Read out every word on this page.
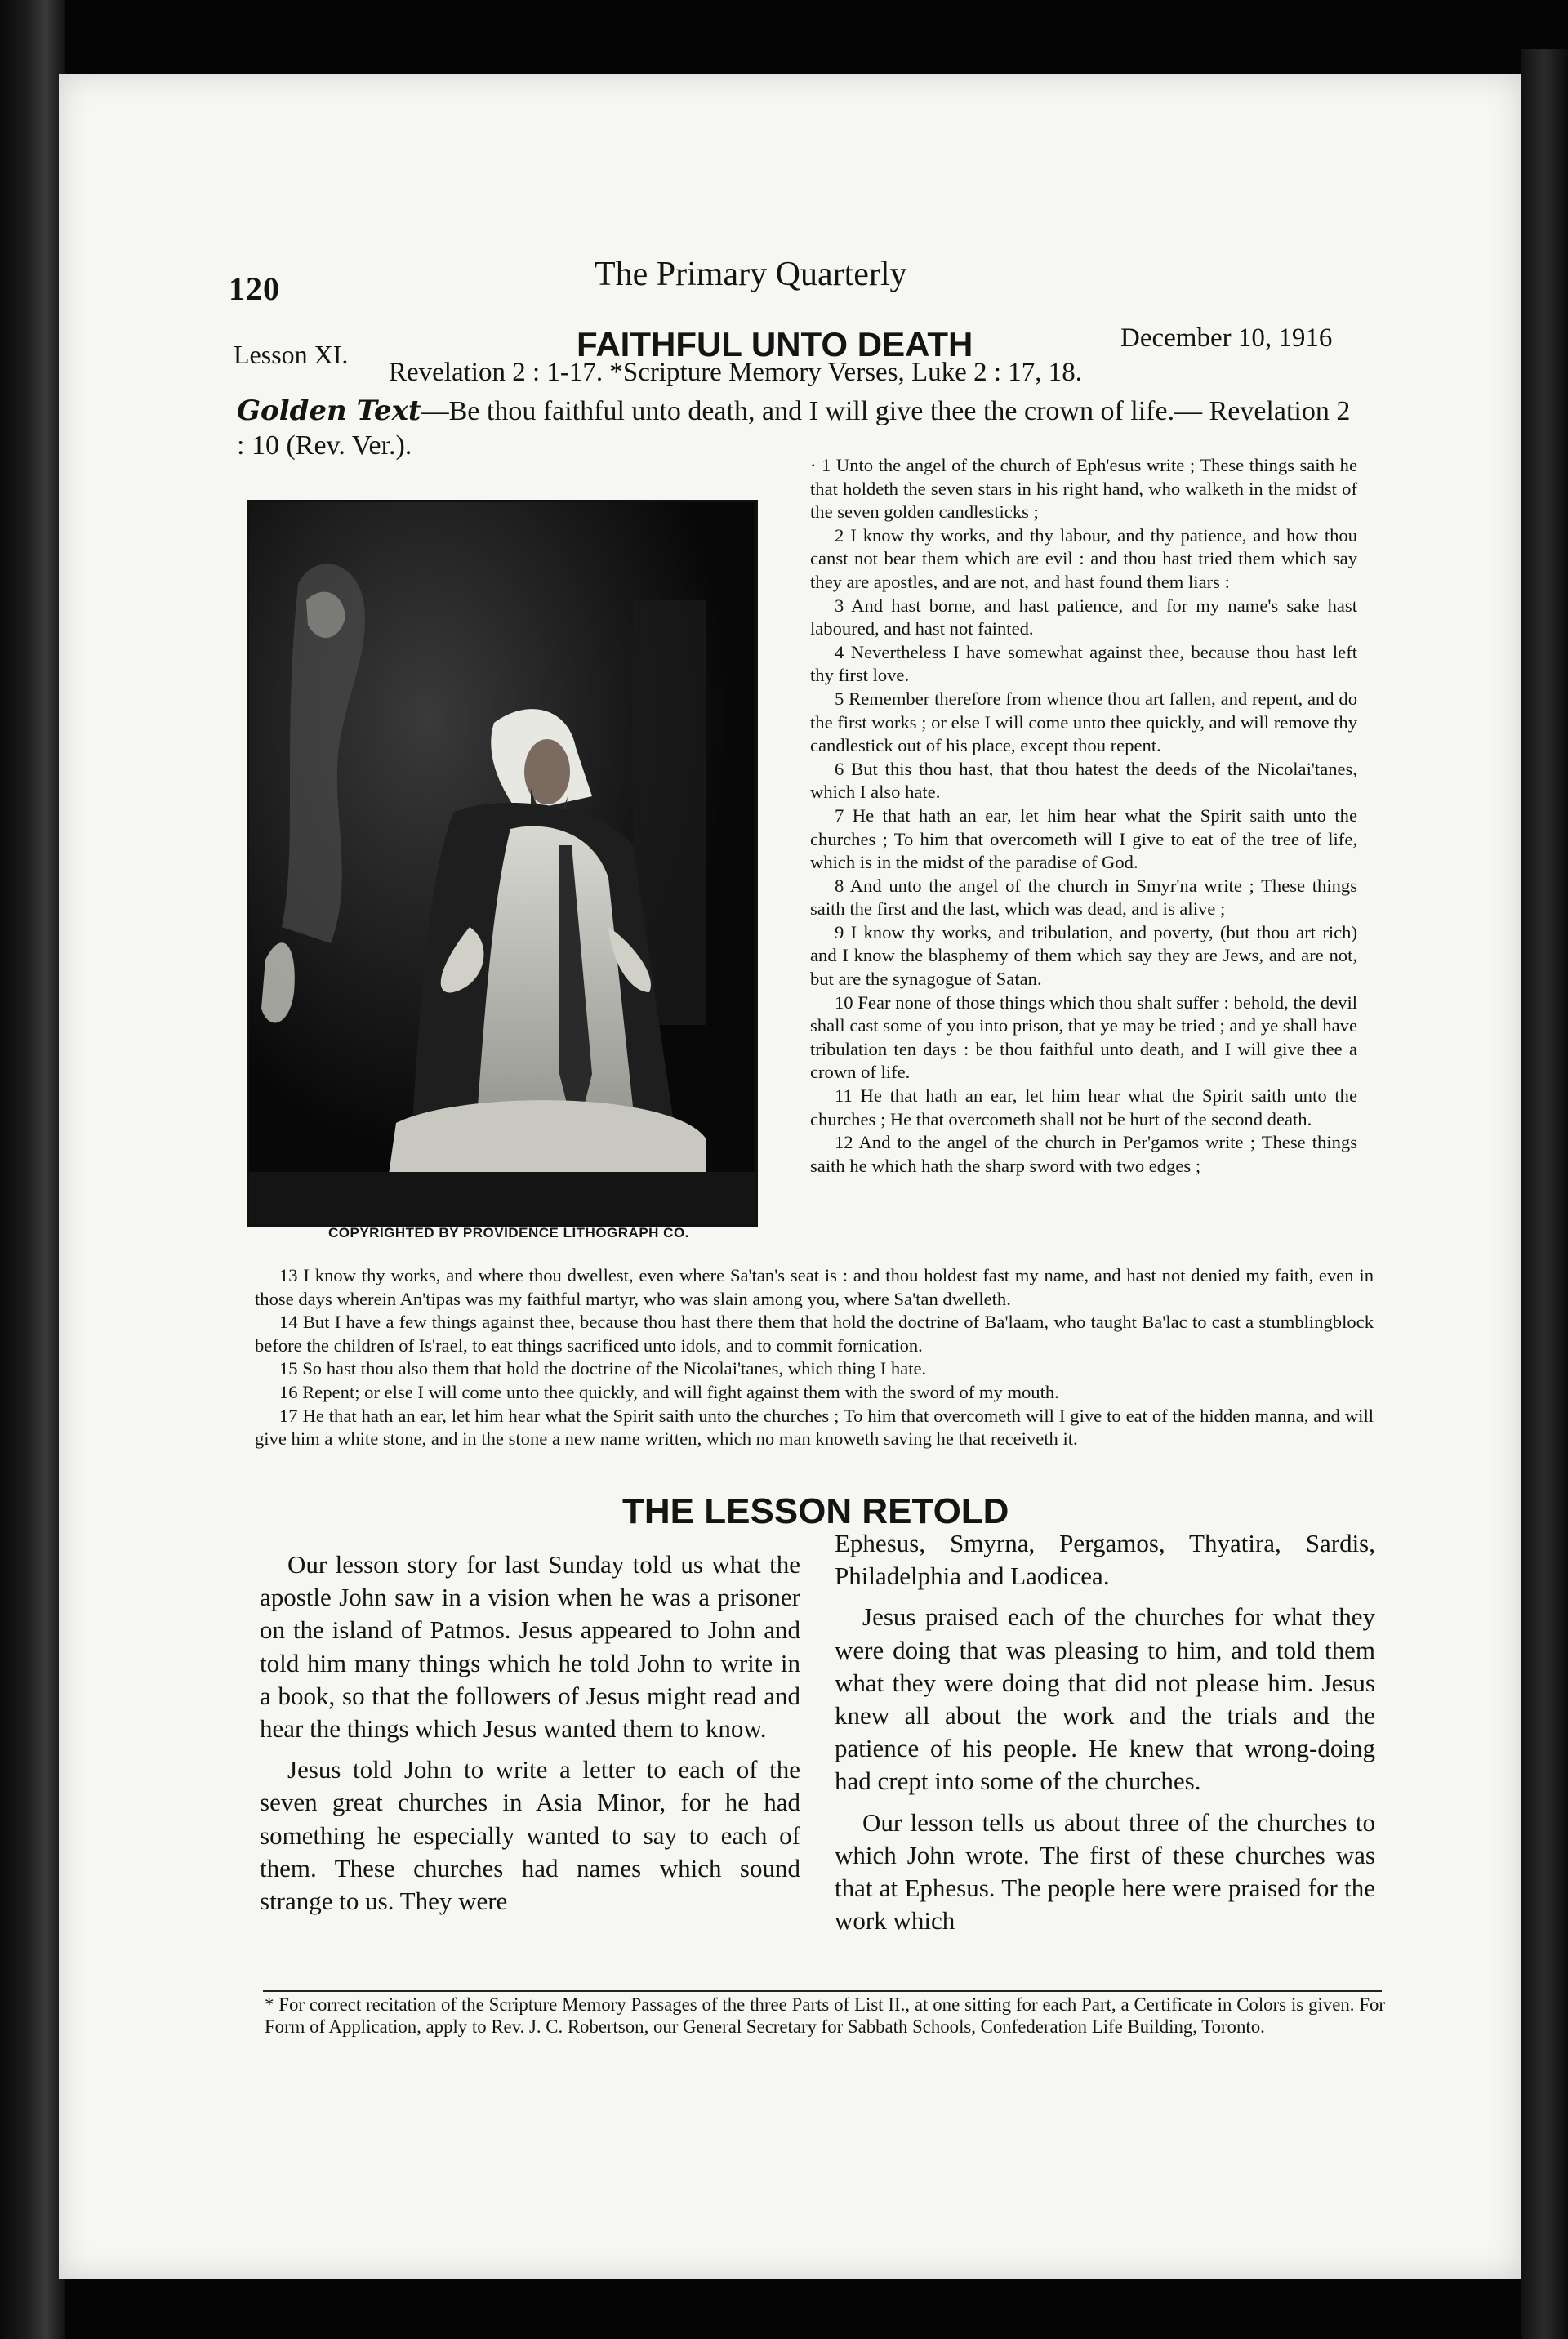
120	The Primary Quarterly
Lesson XI.	FAITHFUL UNTO DEATH	December 10, 1916
Revelation 2 : 1-17. *Scripture Memory Verses, Luke 2 : 17, 18.
Golden Text—Be thou faithful unto death, and I will give thee the crown of life.— Revelation 2 : 10 (Rev. Ver.).
COPYRIGHTED BY PROVIDENCE LITHOGRAPH CO.

· 1 Unto the angel of the church of Eph'esus write ; These things saith he that holdeth the seven stars in his right hand, who walketh in the midst of the seven golden candlesticks ;

2 I know thy works, and thy labour, and thy patience, and how thou canst not bear them which are evil : and thou hast tried them which say they are apostles, and are not, and hast found them liars :

3 And hast borne, and hast patience, and for my name's sake hast laboured, and hast not fainted.

4 Nevertheless I have somewhat against thee, because thou hast left thy first love.

5 Remember therefore from whence thou art fallen, and repent, and do the first works ; or else I will come unto thee quickly, and will remove thy candlestick out of his place, except thou repent.

6 But this thou hast, that thou hatest the deeds of the Nicolai'tanes, which I also hate.

7 He that hath an ear, let him hear what the Spirit saith unto the churches ; To him that overcometh will I give to eat of the tree of life, which is in the midst of the paradise of God.

8 And unto the angel of the church in Smyr'na write ; These things saith the first and the last, which was dead, and is alive ;

9 I know thy works, and tribulation, and poverty, (but thou art rich) and I know the blasphemy of them which say they are Jews, and are not, but are the synagogue of Satan.

10 Fear none of those things which thou shalt suffer : behold, the devil shall cast some of you into prison, that ye may be tried ; and ye shall have tribulation ten days : be thou faithful unto death, and I will give thee a crown of life.

11 He that hath an ear, let him hear what the Spirit saith unto the churches ; He that overcometh shall not be hurt of the second death.

12 And to the angel of the church in Per'gamos write ; These things saith he which hath the sharp sword with two edges ;

13 I know thy works, and where thou dwellest, even where Sa'tan's seat is : and thou holdest fast my name, and hast not denied my faith, even in those days wherein An'tipas was my faithful martyr, who was slain among you, where Sa'tan dwelleth.

14 But I have a few things against thee, because thou hast there them that hold the doctrine of Ba'laam, who taught Ba'lac to cast a stumblingblock before the children of Is'rael, to eat things sacrificed unto idols, and to commit fornication.

15 So hast thou also them that hold the doctrine of the Nicolai'tanes, which thing I hate.

16 Repent; or else I will come unto thee quickly, and will fight against them with the sword of my mouth.

17 He that hath an ear, let him hear what the Spirit saith unto the churches ; To him that overcometh will I give to eat of the hidden manna, and will give him a white stone, and in the stone a new name written, which no man knoweth saving he that receiveth it.

THE LESSON RETOLD

Our lesson story for last Sunday told us what the apostle John saw in a vision when he was a prisoner on the island of Patmos. Jesus appeared to John and told him many things which he told John to write in a book, so that the followers of Jesus might read and hear the things which Jesus wanted them to know.

Jesus told John to write a letter to each of the seven great churches in Asia Minor, for he had something he especially wanted to say to each of them. These churches had names which sound strange to us. They were

Ephesus, Smyrna, Pergamos, Thyatira, Sardis, Philadelphia and Laodicea.

Jesus praised each of the churches for what they were doing that was pleasing to him, and told them what they were doing that did not please him. Jesus knew all about the work and the trials and the patience of his people. He knew that wrong-doing had crept into some of the churches.

Our lesson tells us about three of the churches to which John wrote. The first of these churches was that at Ephesus. The people here were praised for the work which

* For correct recitation of the Scripture Memory Passages of the three Parts of List II., at one sitting for each Part, a Certificate in Colors is given. For Form of Application, apply to Rev. J. C. Robertson, our General Secretary for Sabbath Schools, Confederation Life Building, Toronto.
